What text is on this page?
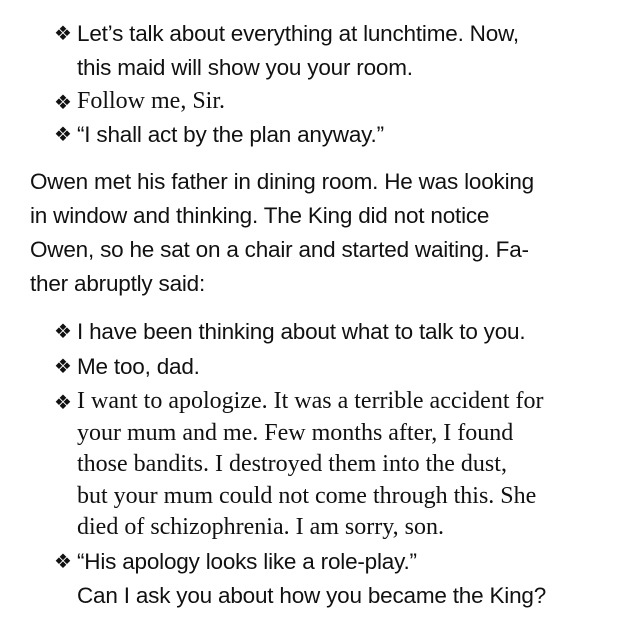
❖ Let’s talk about everything at lunchtime. Now,
this maid will show you your room.
❖ Follow me, Sir.
❖ “I shall act by the plan anyway.”
Owen met his father in dining room. He was looking
in window and thinking. The King did not notice
Owen, so he sat on a chair and started waiting. Fa-
ther abruptly said:
❖ I have been thinking about what to talk to you.
❖ Me too, dad.
❖ I want to apologize. It was a terrible accident for
your mum and me. Few months after, I found
those bandits. I destroyed them into the dust,
but your mum could not come through this. She
died of schizophrenia. I am sorry, son.
❖ “His apology looks like a role-play.”
Can I ask you about how you became the King?
